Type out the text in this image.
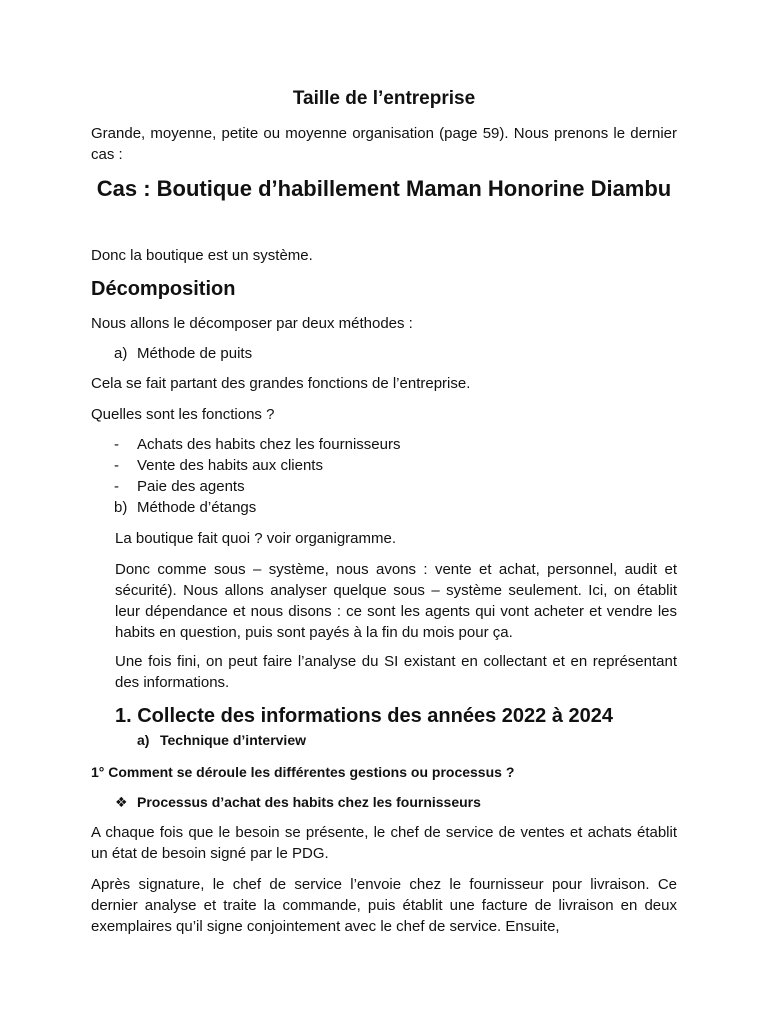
Taille de l’entreprise
Grande, moyenne, petite ou moyenne organisation (page 59). Nous prenons le dernier cas :
Cas : Boutique d’habillement Maman Honorine Diambu
Donc la boutique est un système.
Décomposition
Nous allons le décomposer par deux méthodes :
a) Méthode de puits
Cela se fait partant des grandes fonctions de l’entreprise.
Quelles sont les fonctions ?
- Achats des habits chez les fournisseurs
- Vente des habits aux clients
- Paie des agents
b) Méthode d’étangs
La boutique fait quoi ? voir organigramme.
Donc comme sous – système, nous avons : vente et achat, personnel, audit et sécurité). Nous allons analyser quelque sous – système seulement. Ici, on établit leur dépendance et nous disons : ce sont les agents qui vont acheter et vendre les habits en question, puis sont payés à la fin du mois pour ça.
Une fois fini, on peut faire l’analyse du SI existant en collectant et en représentant des informations.
1. Collecte des informations des années 2022 à 2024
a) Technique d’interview
1° Comment se déroule les différentes gestions ou processus ?
❖ Processus d’achat des habits chez les fournisseurs
A chaque fois que le besoin se présente, le chef de service de ventes et achats établit un état de besoin signé par le PDG.
Après signature, le chef de service l’envoie chez le fournisseur pour livraison. Ce dernier analyse et traite la commande, puis établit une facture de livraison en deux exemplaires qu’il signe conjointement avec le chef de service. Ensuite,
